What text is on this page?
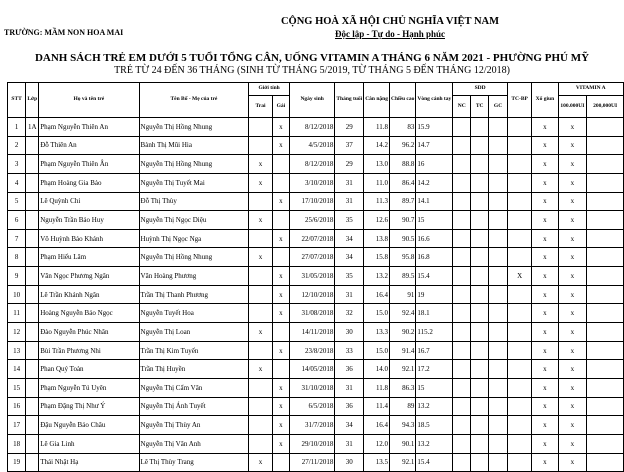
TRƯỜNG: MẦM NON HOA MAI
CỘNG HOÀ XÃ HỘI CHỦ NGHĨA VIỆT NAM
Độc lập - Tự do - Hạnh phúc
DANH SÁCH TRẺ EM DƯỚI 5 TUỔI TỔNG CÂN, UỐNG VITAMIN A THÁNG 6 NĂM 2021 - PHƯỜNG PHÚ MỸ
TRẺ TỪ 24 ĐẾN 36 THÁNG (SINH TỪ THÁNG 5/2019, TỪ THÁNG 5 ĐẾN THÁNG 12/2018)
STT	Lớp	Họ và tên trẻ	Tên Bố - Mẹ của trẻ	Giới tính		Ngày sinh	Tháng tuổi	Cân nặng	Chiều cao	Vòng cánh tay	SDD			TC-BP	Xổ giun	VITAMIN A	
				Trai	Gái						NC	TC	GC			100.000UI	200,000UI
1	1A	Phạm Nguyễn Thiên An	Nguyễn Thị Hồng Nhung		x	8/12/2018	29	11.8	83	15.9					x	x	
2		Đỗ Thiên An	Bành Thị Mũi Hia		x	4/5/2018	37	14.2	96.2	14.7					x	x	
3		Phạm Nguyễn Thiên Ân	Nguyễn Thị Hồng Nhung	x		8/12/2018	29	13.0	88.8	16					x	x	
4		Phạm Hoàng Gia Bảo	Nguyễn Thị Tuyết Mai	x		3/10/2018	31	11.0	86.4	14.2					x	x	
5		Lê Quỳnh Chi	Đỗ Thị Thùy		x	17/10/2018	31	11.3	89.7	14.1					x	x	
6		Nguyễn Trần Bảo Huy	Nguyễn Thị Ngọc Diệu	x		25/6/2018	35	12.6	90.7	15					x	x	
7		Võ Huỳnh Bảo Khánh	Huỳnh Thị Ngọc Nga		x	22/07/2018	34	13.8	90.5	16.6					x	x	
8		Phạm Hiếu Lâm	Nguyễn Thị Hồng Nhung	x		27/07/2018	34	15.8	95.8	16.8					x	x	
9		Văn Ngọc Phương Ngân	Văn Hoàng Phương		x	31/05/2018	35	13.2	89.5	15.4				X	x	x	
10		Lê Trần Khánh Ngân	Trần Thị Thanh Phương		x	12/10/2018	31	16.4	91	19					x	x	
11		Hoàng Nguyễn Bảo Ngọc	Nguyễn Tuyết Hoa		x	31/08/2018	32	15.0	92.4	18.1					x	x	
12		Đào Nguyễn Phúc Nhân	Nguyễn Thị Loan	x		14/11/2018	30	13.3	90.2	115.2					x	x	
13		Bùi Trần Phương Nhi	Trần Thị Kim Tuyến		x	23/8/2018	33	15.0	91.4	16.7					x	x	
14		Phan Quý Toàn	Trần Thị Huyền	x		14/05/2018	36	14.0	92.1	17.2					x	x	
15		Phạm Nguyễn Tú Uyên	Nguyễn Thị Cẩm Vân		x	31/10/2018	31	11.8	86.3	15					x	x	
16		Phạm Đặng Thị Như Ý	Nguyễn Thị Ánh Tuyết		x	6/5/2018	36	11.4	89	13.2					x	x	
17		Đậu Nguyễn Bảo Châu	Nguyễn Thị Thùy An		x	31/7/2018	34	16.4	94.3	18.5					x	x	
18		Lê Gia Linh	Nguyễn Thị Vân Anh		x	29/10/2018	31	12.0	90.1	13.2					x	x	
19		Thái Nhật Hạ	Lê Thị Thùy Trang	x		27/11/2018	30	13.5	92.1	15.4					x	x	
